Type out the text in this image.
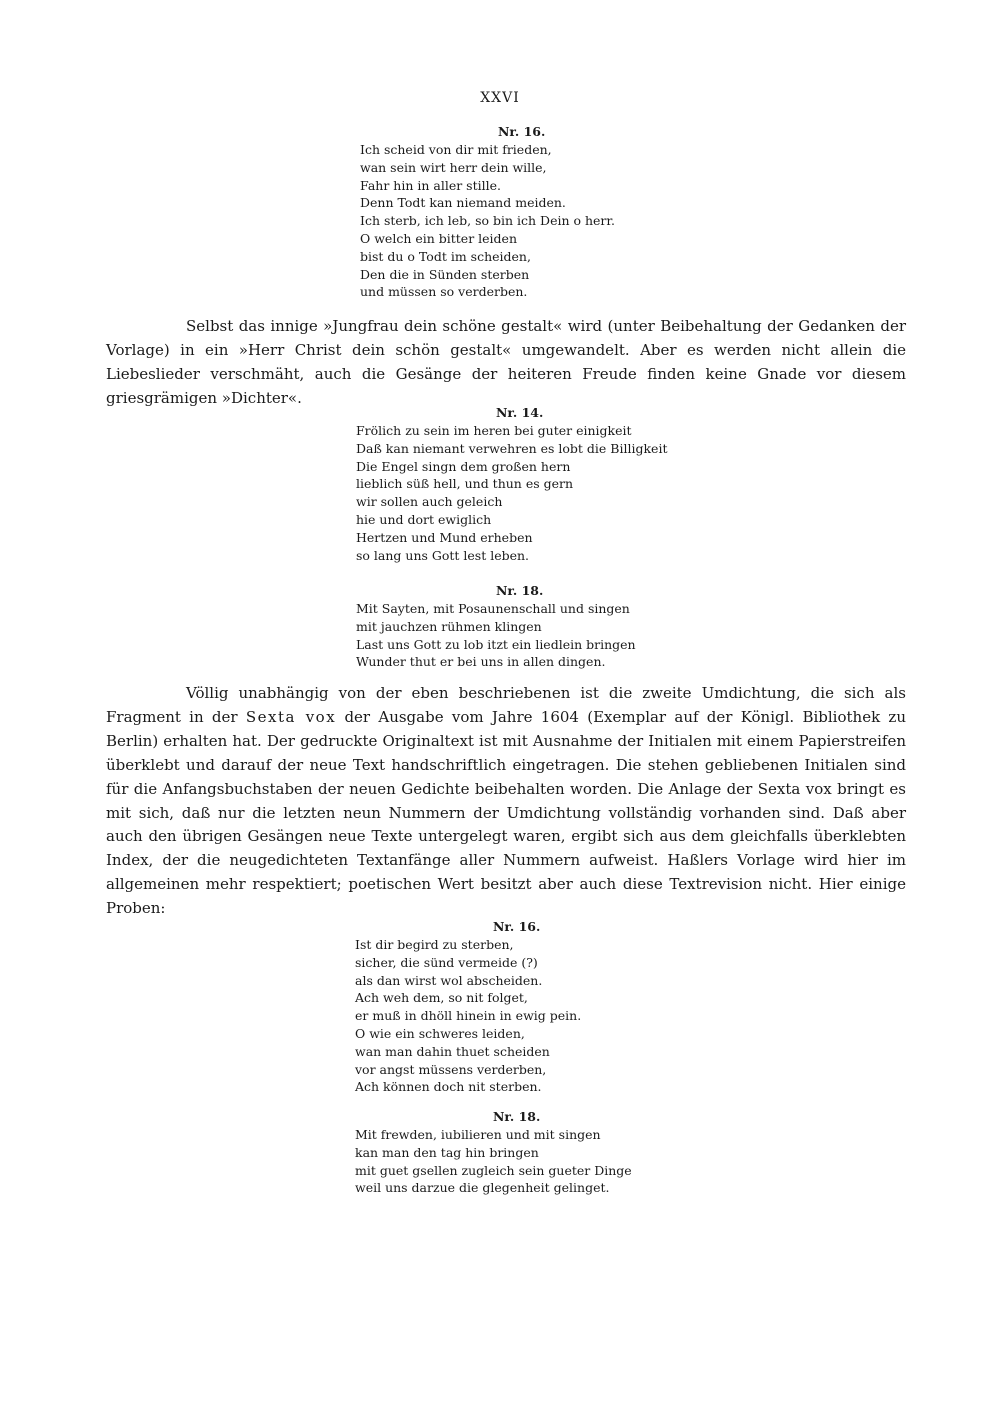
XXVI
Nr. 16.
Ich scheid von dir mit frieden,
wan sein wirt herr dein wille,
Fahr hin in aller stille.
Denn Todt kan niemand meiden.
Ich sterb, ich leb, so bin ich Dein o herr.
O welch ein bitter leiden
bist du o Todt im scheiden,
Den die in Sünden sterben
und müssen so verderben.

Selbst das innige »Jungfrau dein schöne gestalt« wird (unter Beibehaltung der Gedanken der Vorlage) in ein »Herr Christ dein schön gestalt« umgewandelt. Aber es werden nicht allein die Liebeslieder verschmäht, auch die Gesänge der heiteren Freude finden keine Gnade vor diesem griesgrämigen »Dichter«.

Nr. 14.
Frölich zu sein im heren bei guter einigkeit
Daß kan niemant verwehren es lobt die Billigkeit
Die Engel singn dem großen hern
lieblich süß hell, und thun es gern
wir sollen auch geleich
hie und dort ewiglich
Hertzen und Mund erheben
so lang uns Gott lest leben.
Nr. 18.
Mit Sayten, mit Posaunenschall und singen
mit jauchzen rühmen klingen
Last uns Gott zu lob itzt ein liedlein bringen
Wunder thut er bei uns in allen dingen.

Völlig unabhängig von der eben beschriebenen ist die zweite Umdichtung, die sich als Fragment in der Sexta vox der Ausgabe vom Jahre 1604 (Exemplar auf der Königl. Bibliothek zu Berlin) erhalten hat. Der gedruckte Originaltext ist mit Ausnahme der Initialen mit einem Papierstreifen überklebt und darauf der neue Text handschriftlich eingetragen. Die stehen gebliebenen Initialen sind für die Anfangsbuchstaben der neuen Gedichte beibehalten worden. Die Anlage der Sexta vox bringt es mit sich, daß nur die letzten neun Nummern der Umdichtung vollständig vorhanden sind. Daß aber auch den übrigen Gesängen neue Texte untergelegt waren, ergibt sich aus dem gleichfalls überklebten Index, der die neugedichteten Textanfänge aller Nummern aufweist. Haßlers Vorlage wird hier im allgemeinen mehr respektiert; poetischen Wert besitzt aber auch diese Textrevision nicht. Hier einige Proben:

Nr. 16.
Ist dir begird zu sterben,
sicher, die sünd vermeide (?)
als dan wirst wol abscheiden.
Ach weh dem, so nit folget,
er muß in dhöll hinein in ewig pein.
O wie ein schweres leiden,
wan man dahin thuet scheiden
vor angst müssens verderben,
Ach können doch nit sterben.
Nr. 18.
Mit frewden, iubilieren und mit singen
kan man den tag hin bringen
mit guet gsellen zugleich sein gueter Dinge
weil uns darzue die glegenheit gelinget.
